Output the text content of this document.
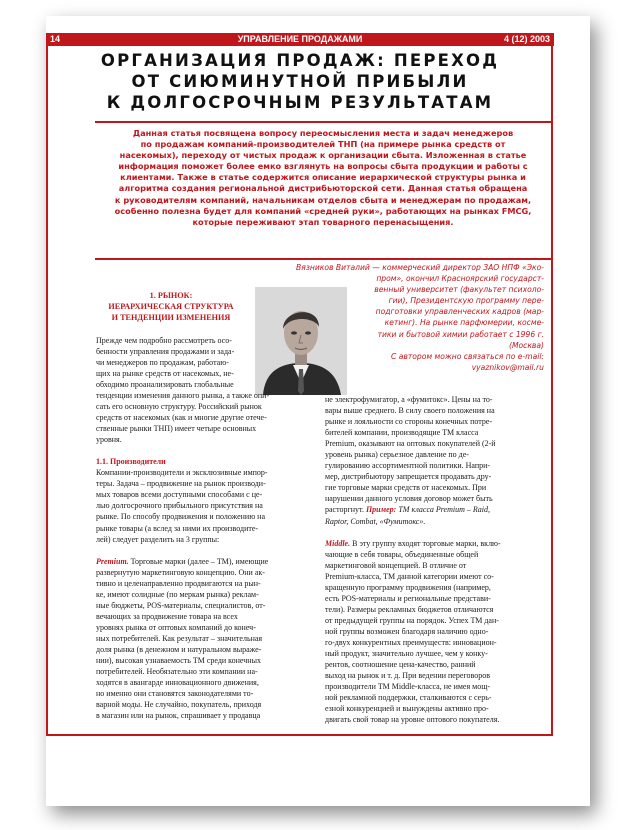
14	УПРАВЛЕНИЕ ПРОДАЖАМИ	4 (12) 2003
ОРГАНИЗАЦИЯ ПРОДАЖ: ПЕРЕХОД
ОТ СИЮМИНУТНОЙ ПРИБЫЛИ
К ДОЛГОСРОЧНЫМ РЕЗУЛЬТАТАМ
Данная статья посвящена вопросу переосмысления места и задач менеджеров
по продажам компаний-производителей ТНП (на примере рынка средств от
насекомых), переходу от чистых продаж к организации сбыта. Изложенная в статье
информация поможет более емко взглянуть на вопросы сбыта продукции и работы с
клиентами. Также в статье содержится описание иерархической структуры рынка и
алгоритма создания региональной дистрибьюторской сети. Данная статья обращена
к руководителям компаний, начальникам отделов сбыта и менеджерам по продажам,
особенно полезна будет для компаний «средней руки», работающих на рынках FMCG,
которые переживают этап товарного перенасыщения.
Вязников Виталий — коммерческий директор ЗАО НПФ «Эко-
пром», окончил Красноярский государст-
венный университет (факультет психоло-
гии), Президентскую программу пере-
подготовки управленческих кадров (мар-
кетинг). На рынке парфюмерии, косме-
тики и бытовой химии работает с 1996 г.
(Москва)
С автором можно связаться по e-mail:
vyaznikov@mail.ru
1. РЫНОК:
ИЕРАРХИЧЕСКАЯ СТРУКТУРА
И ТЕНДЕНЦИИ ИЗМЕНЕНИЯ
Прежде чем подробно рассмотреть осо-
бенности управления продажами и зада-
чи менеджеров по продажам, работаю-
щих на рынке средств от насекомых, не-
обходимо проанализировать глобальные
тенденции изменения данного рынка, а также опи-
сать его основную структуру. Российский рынок
средств от насекомых (как и многие другие отече-
ственные рынки ТНП) имеет четыре основных
уровня.

1.1. Производители

Компании-производители и эксклюзивные импор-
теры. Задача – продвижение на рынок производи-
мых товаров всеми доступными способами с це-
лью долгосрочного прибыльного присутствия на
рынке. По способу продвижения и положению на
рынке товары (а вслед за ними их производите-
лей) следует разделить на 3 группы:

Premium. Торговые марки (далее – ТМ), имеющие

развернутую маркетинговую концепцию. Они ак-
тивно и целенаправленно продвигаются на рын-
ке, имеют солидные (по меркам рынка) реклам-
ные бюджеты, POS-материалы, специалистов, от-
вечающих за продвижение товара на всех
уровнях рынка от оптовых компаний до конеч-
ных потребителей. Как результат – значительная
доля рынка (в денежном и натуральном выраже-
нии), высокая узнаваемость ТМ среди конечных
потребителей. Необязательно эти компании на-
ходятся в авангарде инновационного движения,
но именно они становятся законодателями то-
варной моды. Не случайно, покупатель, приходя
в магазин или на рынок, спрашивает у продавца
не электрофумигатор, а «фумитокс». Цены на то-
вары выше среднего. В силу своего положения на
рынке и лояльности со стороны конечных потре-
бителей компании, производящие ТМ класса
Premium, оказывают на оптовых покупателей (2-й
уровень рынка) серьезное давление по де-
гулированию ассортиментной политики. Напри-
мер, дистрибьютору запрещается продавать дру-
гие торговые марки средств от насекомых. При
нарушении данного условия договор может быть

расторгнут. Пример: ТМ класса Premium – Raid,

Raptor, Combat, «Фумитокс».

Middle. В эту группу входят торговые марки, вклю-

чающие в себя товары, объединенные общей
маркетинговой концепцией. В отличие от
Premium-класса, ТМ данной категории имеют со-
кращенную программу продвижения (например,
есть POS-материалы и региональные представи-
тели). Размеры рекламных бюджетов отличаются
от предыдущей группы на порядок. Успех ТМ дан-
ной группы возможен благодаря наличию одно-
го-двух конкурентных преимуществ: инновацион-
ный продукт, значительно лучшее, чем у конку-
рентов, соотношение цена-качество, ранний
выход на рынок и т. д. При ведении переговоров
производители ТМ Middle-класса, не имея мощ-
ной рекламной поддержки, сталкиваются с серь-
езной конкуренцией и вынуждены активно про-
двигать свой товар на уровне оптового покупателя.
